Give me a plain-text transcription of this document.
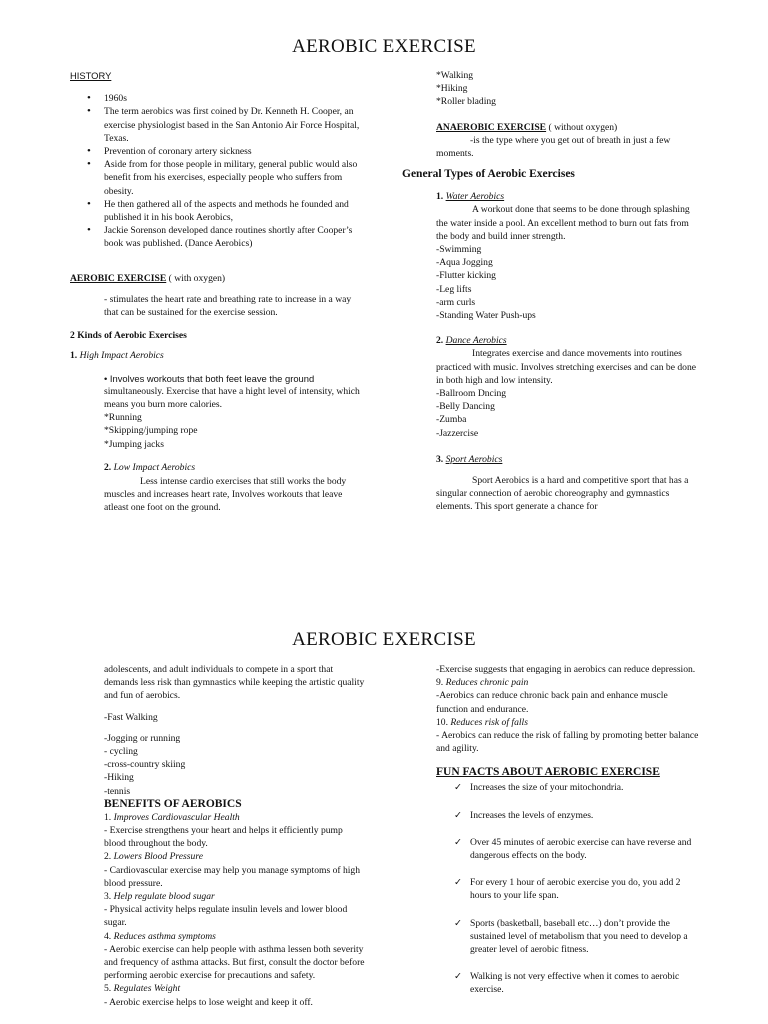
AEROBIC EXERCISE

HISTORY

• 1960s
• The term aerobics was first coined by Dr. Kenneth H. Cooper, an exercise physiologist based in the San Antonio Air Force Hospital, Texas.
• Prevention of coronary artery sickness
• Aside from for those people in military, general public would also benefit from his exercises, especially people who suffers from obesity.
• He then gathered all of the aspects and methods he founded and published it in his book Aerobics,
• Jackie Sorenson developed dance routines shortly after Cooper’s book was published. (Dance Aerobics)

AEROBIC EXERCISE ( with oxygen)

- stimulates the heart rate and breathing rate to increase in a way that can be sustained for the exercise session.

2 Kinds of Aerobic Exercises

1. High Impact Aerobics

• Involves workouts that both feet leave the ground

simultaneously. Exercise that have a hight level of intensity, which means you burn more calories.

*Running

*Skipping/jumping rope

*Jumping jacks

2. Low Impact Aerobics

Less intense cardio exercises that still works the body muscles and increases heart rate, Involves workouts that leave atleast one foot on the ground.

*Walking

*Hiking

*Roller blading

ANAEROBIC EXERCISE ( without oxygen)

-is the type where you get out of breath in just a few moments.

General Types of Aerobic Exercises

1. Water Aerobics

A workout done that seems to be done through splashing the water inside a pool. An excellent method to burn out fats from the body and build inner strength.

-Swimming

-Aqua Jogging

-Flutter kicking

-Leg lifts

-arm curls

-Standing Water Push-ups

2. Dance Aerobics

Integrates exercise and dance movements into routines practiced with music. Involves stretching exercises and can be done in both high and low intensity.

-Ballroom Dncing

-Belly Dancing

-Zumba

-Jazzercise

3. Sport Aerobics

Sport Aerobics is a hard and competitive sport that has a singular connection of aerobic choreography and gymnastics elements. This sport generate a chance for

AEROBIC EXERCISE

adolescents, and adult individuals to compete in a sport that demands less risk than gymnastics while keeping the artistic quality and fun of aerobics.

-Fast Walking

-Jogging or running

- cycling

-cross-country skiing

-Hiking

-tennis

BENEFITS OF AEROBICS

1. Improves Cardiovascular Health

- Exercise strengthens your heart and helps it efficiently pump blood throughout the body.

2. Lowers Blood Pressure

- Cardiovascular exercise may help you manage symptoms of high blood pressure.

3. Help regulate blood sugar

- Physical activity helps regulate insulin levels and lower blood sugar.

4. Reduces asthma symptoms

- Aerobic exercise can help people with asthma lessen both severity and frequency of asthma attacks. But first, consult the doctor before performing aerobic exercise for precautions and safety.

5. Regulates Weight

- Aerobic exercise helps to lose weight and keep it off.

-Exercise suggests that engaging in aerobics can reduce depression.

9. Reduces chronic pain

-Aerobics can reduce chronic back pain and enhance muscle function and endurance.

10. Reduces risk of falls

- Aerobics can reduce the risk of falling by promoting better balance and agility.

FUN FACTS ABOUT AEROBIC EXERCISE

✓ Increases the size of your mitochondria.

✓ Increases the levels of enzymes.

✓ Over 45 minutes of aerobic exercise can have reverse and dangerous effects on the body.

✓ For every 1 hour of aerobic exercise you do, you add 2 hours to your life span.

✓ Sports (basketball, baseball etc…) don’t provide the sustained level of metabolism that you need to develop a greater level of aerobic fitness.

✓ Walking is not very effective when it comes to aerobic exercise.
